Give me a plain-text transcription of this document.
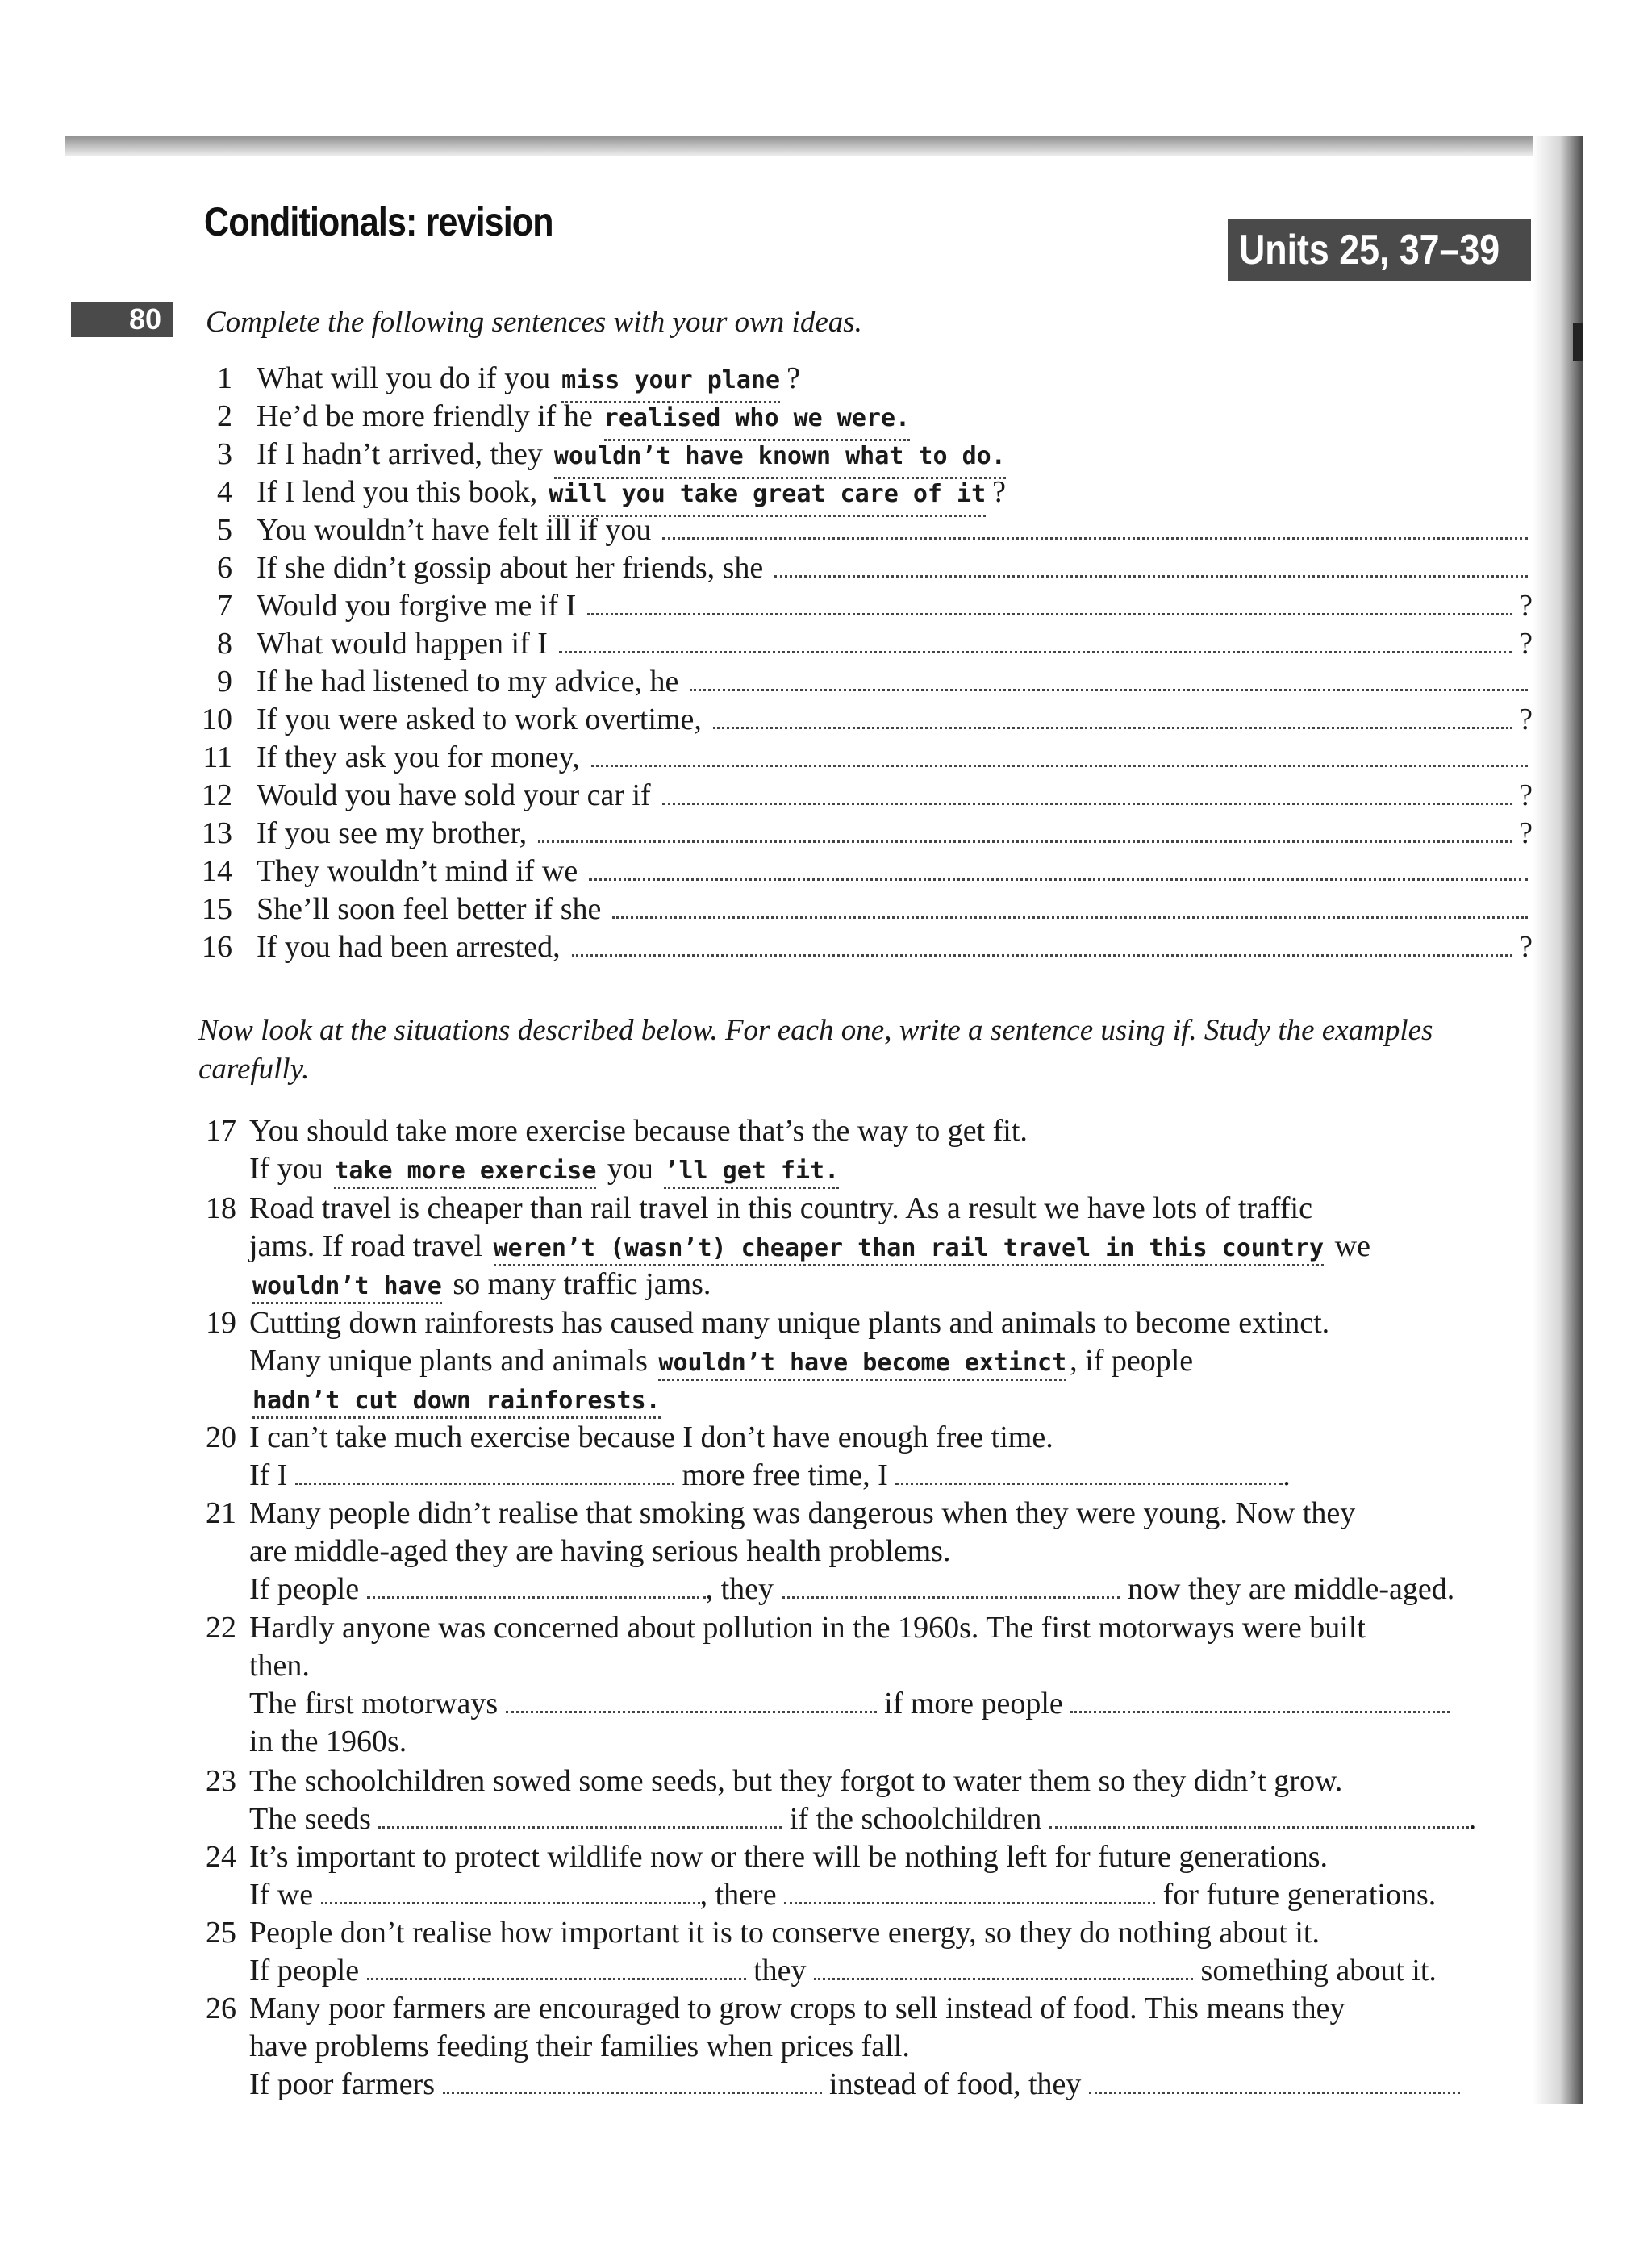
Conditionals: revision
Units 25, 37–39
80	Complete the following sentences with your own ideas.
1 What will you do if you miss your plane ?
2 He’d be more friendly if he realised who we were.
3 If I hadn’t arrived, they wouldn’t have known what to do.
4 If I lend you this book, will you take great care of it ?
5 You wouldn’t have felt ill if you
6 If she didn’t gossip about her friends, she
7 Would you forgive me if I	?
8 What would happen if I	?
9 If he had listened to my advice, he
10 If you were asked to work overtime,	?
11 If they ask you for money,
12 Would you have sold your car if	?
13 If you see my brother,	?
14 They wouldn’t mind if we
15 She’ll soon feel better if she
16 If you had been arrested,	?
Now look at the situations described below. For each one, write a sentence using if. Study the examples carefully.
17 You should take more exercise because that’s the way to get fit.
If you take more exercise you ’ll get fit.
18 Road travel is cheaper than rail travel in this country. As a result we have lots of traffic
jams. If road travel weren’t (wasn’t) cheaper than rail travel in this country we
wouldn’t have so many traffic jams.
19 Cutting down rainforests has caused many unique plants and animals to become extinct.
Many unique plants and animals wouldn’t have become extinct , if people
hadn’t cut down rainforests.
20 I can’t take much exercise because I don’t have enough free time.
If I	more free time, I	.
21 Many people didn’t realise that smoking was dangerous when they were young. Now they
are middle-aged they are having serious health problems.
If people	, they	now they are middle-aged.
22 Hardly anyone was concerned about pollution in the 1960s. The first motorways were built
then.
The first motorways	if more people
in the 1960s.
23 The schoolchildren sowed some seeds, but they forgot to water them so they didn’t grow.
The seeds	if the schoolchildren	.
24 It’s important to protect wildlife now or there will be nothing left for future generations.
If we	, there	for future generations.
25 People don’t realise how important it is to conserve energy, so they do nothing about it.
If people	they	something about it.
26 Many poor farmers are encouraged to grow crops to sell instead of food. This means they
have problems feeding their families when prices fall.
If poor farmers	instead of food, they
